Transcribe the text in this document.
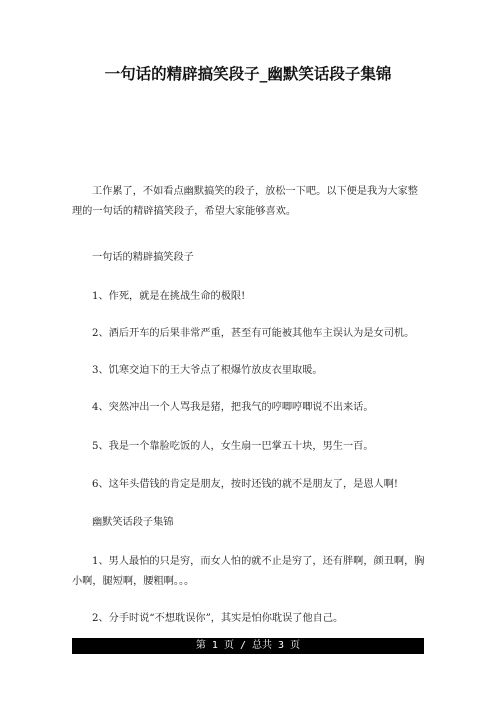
一句话的精辟搞笑段子_幽默笑话段子集锦

工作累了，不如看点幽默搞笑的段子，放松一下吧。以下便是我为大家整理的一句话的精辟搞笑段子，希望大家能够喜欢。

一句话的精辟搞笑段子

1、作死，就是在挑战生命的极限!

2、酒后开车的后果非常严重，甚至有可能被其他车主误认为是女司机。

3、饥寒交迫下的王大爷点了根爆竹放皮衣里取暖。

4、突然冲出一个人骂我是猪，把我气的哼唧哼唧说不出来话。

5、我是一个靠脸吃饭的人，女生扇一巴掌五十块，男生一百。

6、这年头借钱的肯定是朋友，按时还钱的就不是朋友了，是恩人啊!

幽默笑话段子集锦

1、男人最怕的只是穷，而女人怕的就不止是穷了，还有胖啊，颜丑啊，胸小啊，腿短啊，腰粗啊。。。

2、分手时说“不想耽误你”，其实是怕你耽误了他自己。

第 1 页 / 总共 3 页
